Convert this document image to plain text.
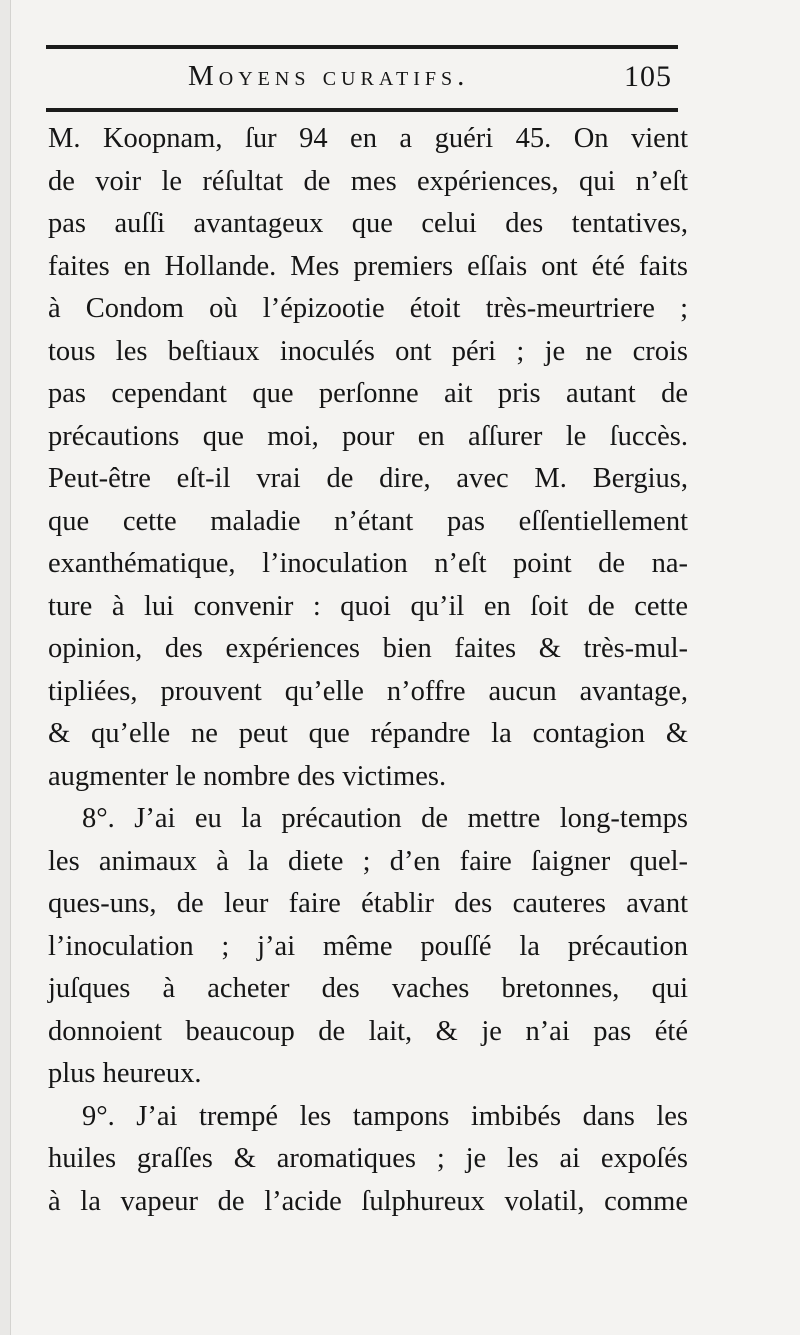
Moyens curatifs.	105
M. Koopnam, ſur 94 en a guéri 45. On vient
de voir le réſultat de mes expériences, qui n’eſt
pas auſſi avantageux que celui des tentatives,
faites en Hollande. Mes premiers eſſais ont été faits
à Condom où l’épizootie étoit très-meurtriere ;
tous les beſtiaux inoculés ont péri ; je ne crois
pas cependant que perſonne ait pris autant de
précautions que moi, pour en aſſurer le ſuccès.
Peut-être eſt-il vrai de dire, avec M. Bergius,
que cette maladie n’étant pas eſſentiellement
exanthématique, l’inoculation n’eſt point de na-
ture à lui convenir : quoi qu’il en ſoit de cette
opinion, des expériences bien faites & très-mul-
tipliées, prouvent qu’elle n’offre aucun avantage,
& qu’elle ne peut que répandre la contagion &
augmenter le nombre des victimes.
8°. J’ai eu la précaution de mettre long-temps
les animaux à la diete ; d’en faire ſaigner quel-
ques-uns, de leur faire établir des cauteres avant
l’inoculation ; j’ai même pouſſé la précaution
juſques à acheter des vaches bretonnes, qui
donnoient beaucoup de lait, & je n’ai pas été
plus heureux.
9°. J’ai trempé les tampons imbibés dans les
huiles graſſes & aromatiques ; je les ai expoſés
à la vapeur de l’acide ſulphureux volatil, comme
